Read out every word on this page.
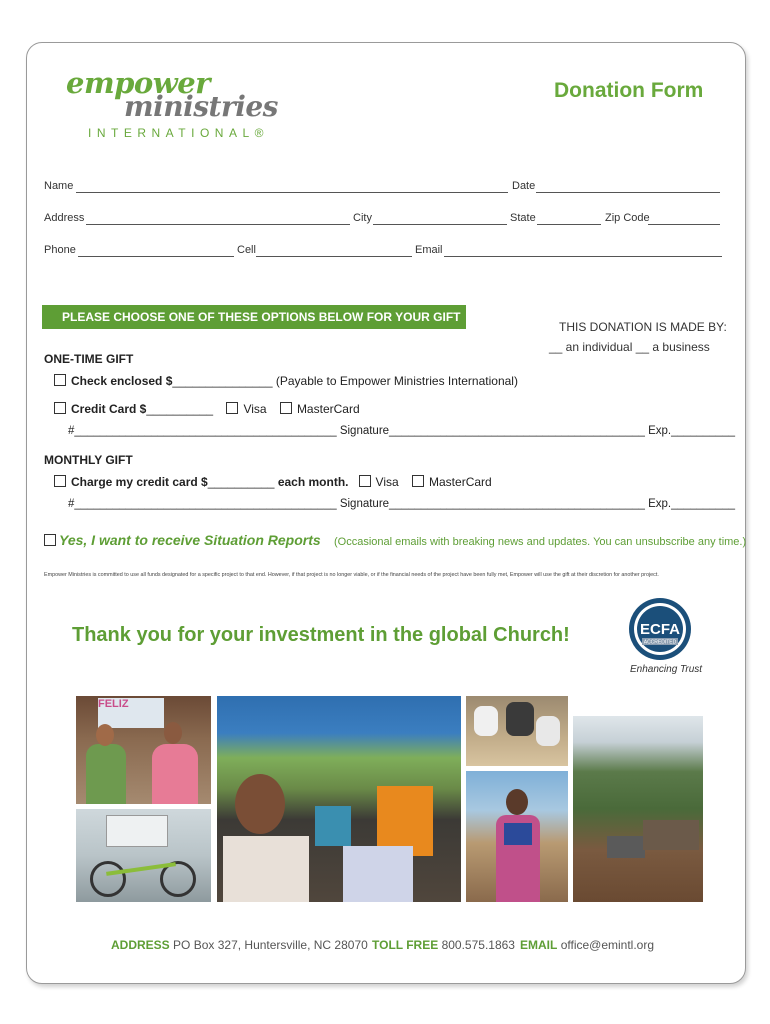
empower
ministries
INTERNATIONAL®
Donation Form
Name	Date
Address	City	State	Zip Code
Phone	Cell	Email
PLEASE CHOOSE ONE OF THESE OPTIONS BELOW FOR YOUR GIFT
THIS DONATION IS MADE BY:
__ an individual __ a business
ONE-TIME GIFT
Check enclosed $_______________ (Payable to Empower Ministries International)
Credit Card $__________	Visa	MasterCard
#_________________________________________ Signature________________________________________ Exp.__________
MONTHLY GIFT
Charge my credit card $__________ each month. Visa	MasterCard
#_________________________________________ Signature________________________________________ Exp.__________
Yes, I want to receive Situation Reports (Occasional emails with breaking news and updates. You can unsubscribe any time.)
Empower Ministries is committed to use all funds designated for a specific project to that end. However, if that project is no longer viable, or if the financial needs of the project have been fully met, Empower will use the gift at their discretion for another project.
Thank you for your investment in the global Church!	ECFA
ACCREDITED
Enhancing Trust
FELIZ
ADDRESS PO Box 327, Huntersville, NC 28070 TOLL FREE 800.575.1863 EMAIL office@emintl.org
